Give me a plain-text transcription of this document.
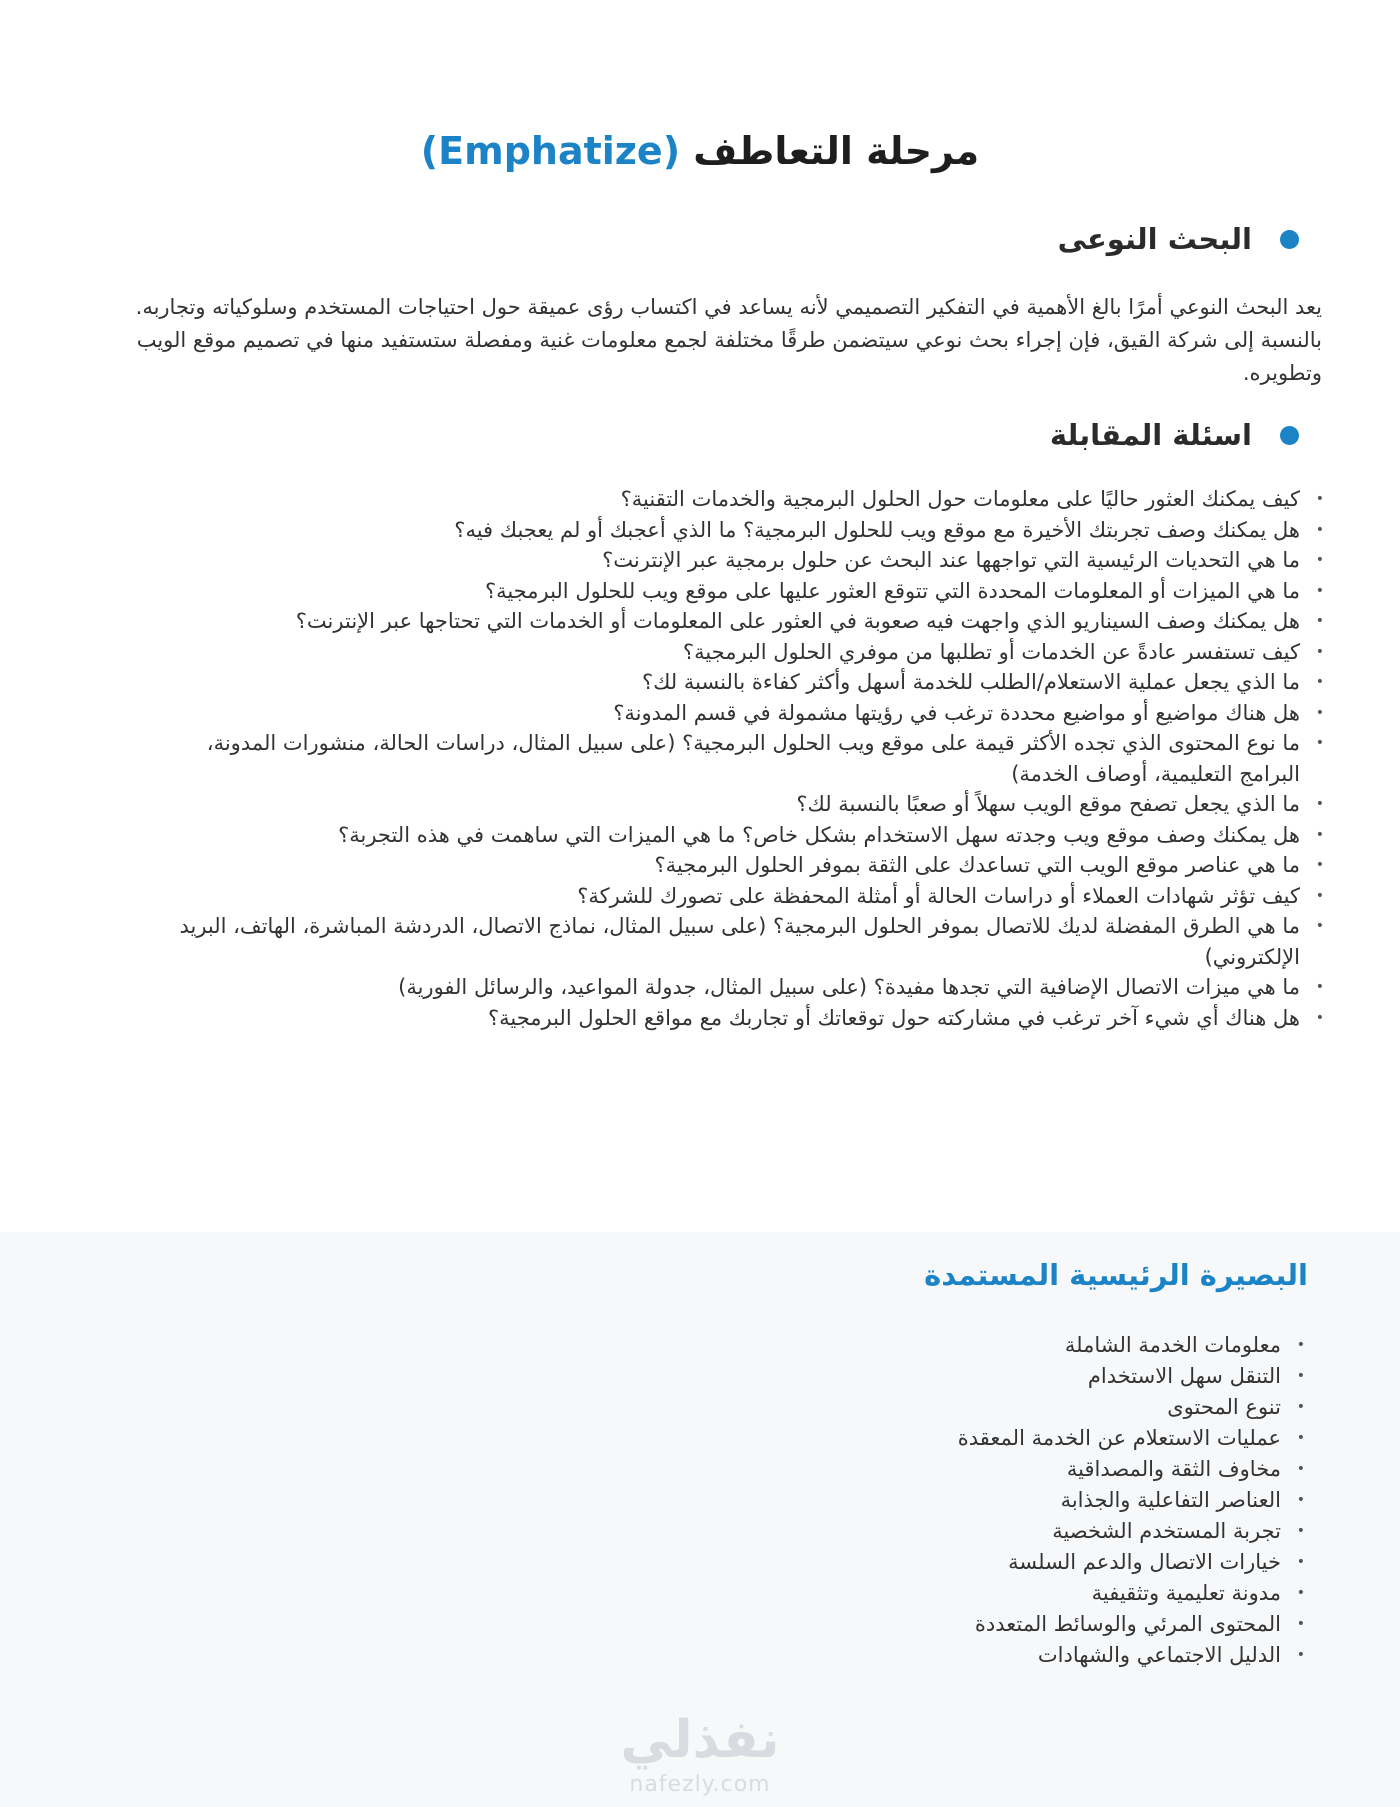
مرحلة التعاطف (Emphatize)
البحث النوعى

يعد البحث النوعي أمرًا بالغ الأهمية في التفكير التصميمي لأنه يساعد في اكتساب رؤى عميقة حول احتياجات المستخدم وسلوكياته وتجاربه. بالنسبة إلى شركة القيق، فإن إجراء بحث نوعي سيتضمن طرقًا مختلفة لجمع معلومات غنية ومفصلة ستستفيد منها في تصميم موقع الويب وتطويره.

اسئلة المقابلة
• كيف يمكنك العثور حاليًا على معلومات حول الحلول البرمجية والخدمات التقنية؟
• هل يمكنك وصف تجربتك الأخيرة مع موقع ويب للحلول البرمجية؟ ما الذي أعجبك أو لم يعجبك فيه؟
• ما هي التحديات الرئيسية التي تواجهها عند البحث عن حلول برمجية عبر الإنترنت؟
• ما هي الميزات أو المعلومات المحددة التي تتوقع العثور عليها على موقع ويب للحلول البرمجية؟
• هل يمكنك وصف السيناريو الذي واجهت فيه صعوبة في العثور على المعلومات أو الخدمات التي تحتاجها عبر الإنترنت؟
• كيف تستفسر عادةً عن الخدمات أو تطلبها من موفري الحلول البرمجية؟
• ما الذي يجعل عملية الاستعلام/الطلب للخدمة أسهل وأكثر كفاءة بالنسبة لك؟
• هل هناك مواضيع أو مواضيع محددة ترغب في رؤيتها مشمولة في قسم المدونة؟
• ما نوع المحتوى الذي تجده الأكثر قيمة على موقع ويب الحلول البرمجية؟ (على سبيل المثال، دراسات الحالة، منشورات المدونة، البرامج التعليمية، أوصاف الخدمة)
• ما الذي يجعل تصفح موقع الويب سهلاً أو صعبًا بالنسبة لك؟
• هل يمكنك وصف موقع ويب وجدته سهل الاستخدام بشكل خاص؟ ما هي الميزات التي ساهمت في هذه التجربة؟
• ما هي عناصر موقع الويب التي تساعدك على الثقة بموفر الحلول البرمجية؟
• كيف تؤثر شهادات العملاء أو دراسات الحالة أو أمثلة المحفظة على تصورك للشركة؟
• ما هي الطرق المفضلة لديك للاتصال بموفر الحلول البرمجية؟ (على سبيل المثال، نماذج الاتصال، الدردشة المباشرة، الهاتف، البريد الإلكتروني)
• ما هي ميزات الاتصال الإضافية التي تجدها مفيدة؟ (على سبيل المثال، جدولة المواعيد، والرسائل الفورية)
• هل هناك أي شيء آخر ترغب في مشاركته حول توقعاتك أو تجاربك مع مواقع الحلول البرمجية؟
البصيرة الرئيسية المستمدة
• معلومات الخدمة الشاملة
• التنقل سهل الاستخدام
• تنوع المحتوى
• عمليات الاستعلام عن الخدمة المعقدة
• مخاوف الثقة والمصداقية
• العناصر التفاعلية والجذابة
• تجربة المستخدم الشخصية
• خيارات الاتصال والدعم السلسة
• مدونة تعليمية وتثقيفية
• المحتوى المرئي والوسائط المتعددة
• الدليل الاجتماعي والشهادات
نفذلي
nafezly.com
